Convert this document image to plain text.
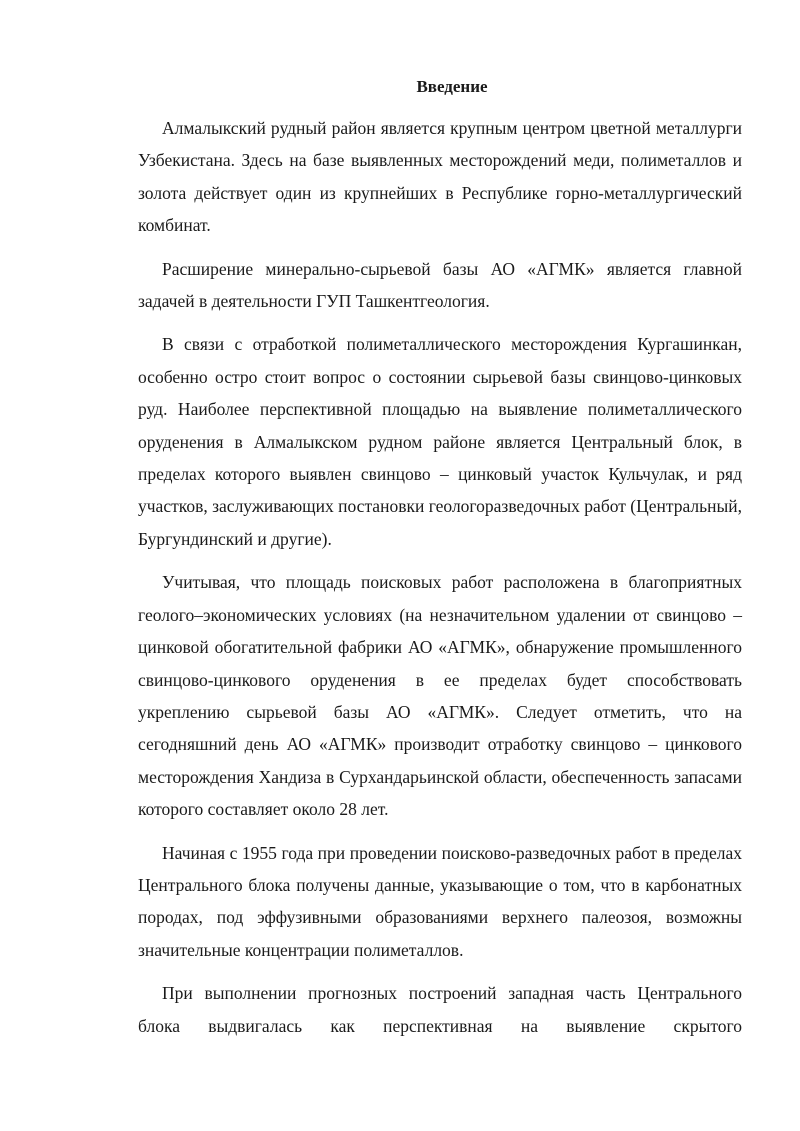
Введение

Алмалыкский рудный район является крупным центром цветной металлурги Узбекистана. Здесь на базе выявленных месторождений меди, полиметаллов и золота действует один из крупнейших в Республике горно-металлургический комбинат.

Расширение минерально-сырьевой базы АО «АГМК» является главной задачей в деятельности ГУП Ташкентгеология.

В связи с отработкой полиметаллического месторождения Кургашинкан, особенно остро стоит вопрос о состоянии сырьевой базы свинцово-цинковых руд. Наиболее перспективной площадью на выявление полиметаллического оруденения в Алмалыкском рудном районе является Центральный блок, в пределах которого выявлен свинцово – цинковый участок Кульчулак, и ряд участков, заслуживающих постановки геологоразведочных работ (Центральный, Бургундинский и другие).

Учитывая, что площадь поисковых работ расположена в благоприятных геолого–экономических условиях (на незначительном удалении от свинцово – цинковой обогатительной фабрики АО «АГМК», обнаружение промышленного свинцово-цинкового оруденения в ее пределах будет способствовать укреплению сырьевой базы АО «АГМК». Следует отметить, что на сегодняшний день АО «АГМК» производит отработку свинцово – цинкового месторождения Хандиза в Сурхандарьинской области, обеспеченность запасами которого составляет около 28 лет.

Начиная с 1955 года при проведении поисково-разведочных работ в пределах Центрального блока получены данные, указывающие о том, что в карбонатных породах, под эффузивными образованиями верхнего палеозоя, возможны значительные концентрации полиметаллов.

При выполнении прогнозных построений западная часть Центрального блока выдвигалась как перспективная на выявление скрытого
